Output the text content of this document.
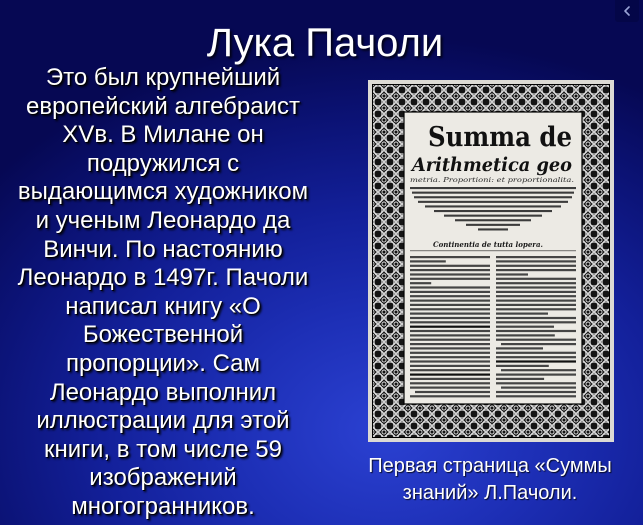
Лука Пачоли
Это был крупнейший
европейский алгебраист
XVв. В Милане он
подружился с
выдающимся художником
и ученым Леонардо да
Винчи. По настоянию
Леонардо в 1497г. Пачоли
написал книгу «О
Божественной
пропорции». Сам
Леонардо выполнил
иллюстрации для этой
книги, в том числе 59
изображений
многогранников.
Summa de
Arithmetica geo
metria. Proportioni: et proportionalita.
Continentia de tutta lopera.
Первая страница «Суммы
знаний» Л.Пачоли.
